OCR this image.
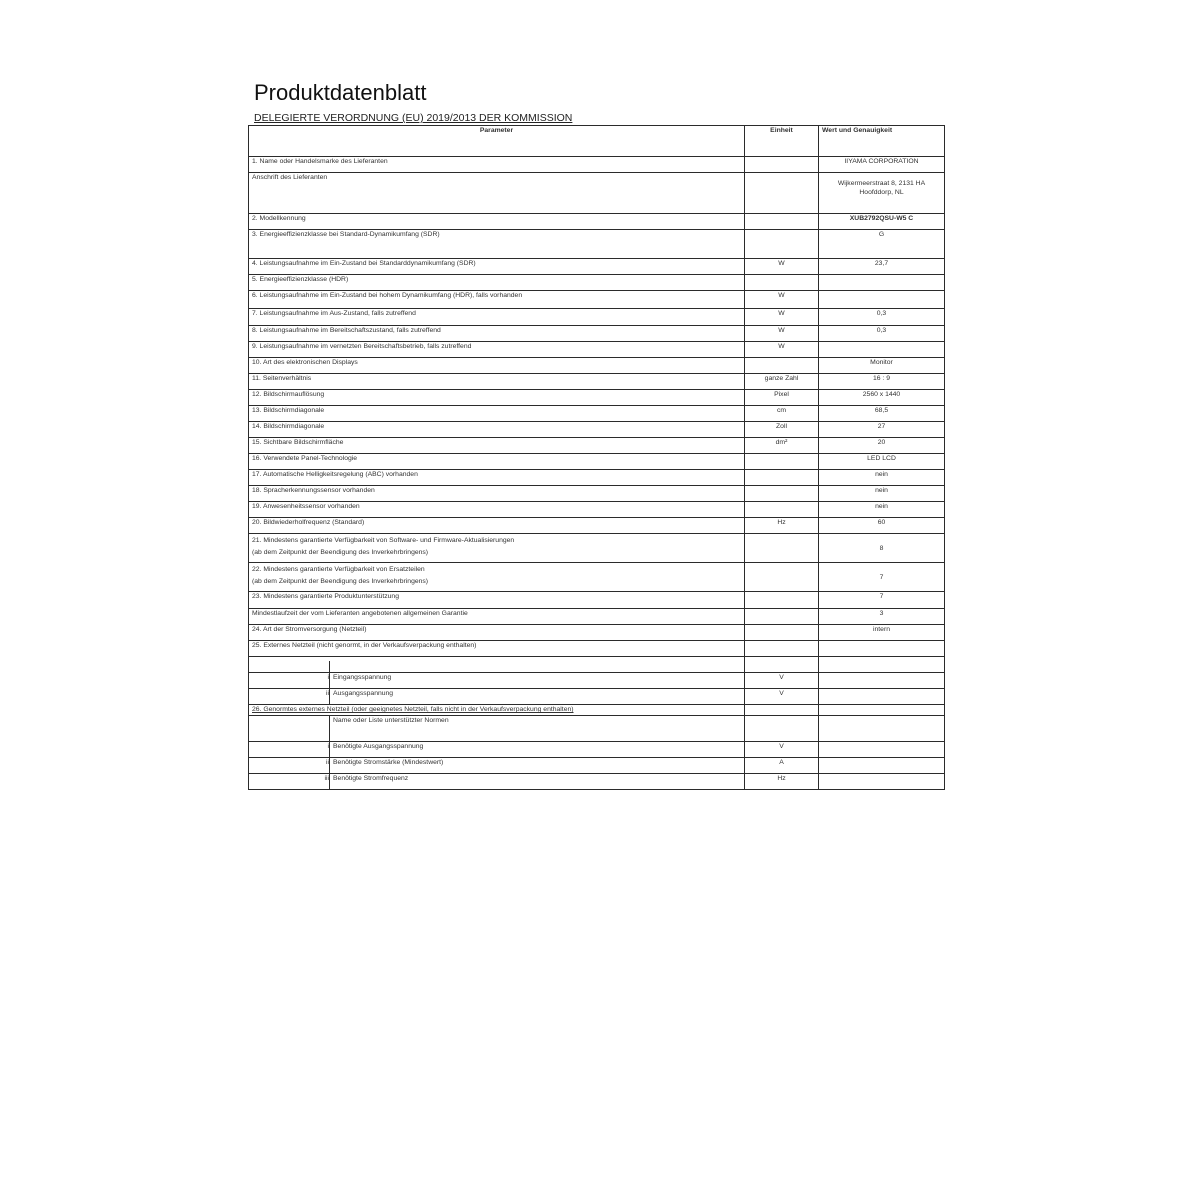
Produktdatenblatt
DELEGIERTE VERORDNUNG (EU) 2019/2013 DER KOMMISSION
Parameter	Einheit	Wert und Genauigkeit
1. Name oder Handelsmarke des Lieferanten		IIYAMA CORPORATION
Anschrift des Lieferanten		Wijkermeerstraat 8, 2131 HA Hoofddorp, NL
2. Modellkennung		XUB2792QSU-W5 C
3. Energieeffizienzklasse bei Standard-Dynamikumfang (SDR)		G
4. Leistungsaufnahme im Ein-Zustand bei Standarddynamikumfang (SDR)	W	23,7
5. Energieeffizienzklasse (HDR)		
6. Leistungsaufnahme im Ein-Zustand bei hohem Dynamikumfang (HDR), falls vorhanden	W	
7. Leistungsaufnahme im Aus-Zustand, falls zutreffend	W	0,3
8. Leistungsaufnahme im Bereitschaftszustand, falls zutreffend	W	0,3
9. Leistungsaufnahme im vernetzten Bereitschaftsbetrieb, falls zutreffend	W	
10. Art des elektronischen Displays		Monitor
11. Seitenverhältnis	ganze Zahl	16 : 9
12. Bildschirmauflösung	Pixel	2560 x 1440
13. Bildschirmdiagonale	cm	68,5
14. Bildschirmdiagonale	Zoll	27
15. Sichtbare Bildschirmfläche	dm²	20
16. Verwendete Panel-Technologie		LED LCD
17. Automatische Helligkeitsregelung (ABC) vorhanden		nein
18. Spracherkennungssensor vorhanden		nein
19. Anwesenheitssensor vorhanden		nein
20. Bildwiederholfrequenz (Standard)	Hz	60

21. Mindestens garantierte Verfügbarkeit von Software- und Firmware-Aktualisierungen
(ab dem Zeitpunkt der Beendigung des Inverkehrbringens)		8

22. Mindestens garantierte Verfügbarkeit von Ersatzteilen
(ab dem Zeitpunkt der Beendigung des Inverkehrbringens)		7
23. Mindestens garantierte Produktunterstützung		7
Mindestlaufzeit der vom Lieferanten angebotenen allgemeinen Garantie		3
24. Art der Stromversorgung (Netzteil)		intern
25. Externes Netzteil (nicht genormt, in der Verkaufsverpackung enthalten)		

i Eingangsspannung	V	

ii Ausgangsspannung	V	
26. Genormtes externes Netzteil (oder geeignetes Netzteil, falls nicht in der Verkaufsverpackung enthalten)		

Name oder Liste unterstützter Normen		

i Benötigte Ausgangsspannung	V	

ii Benötigte Stromstärke (Mindestwert)	A	

iii Benötigte Stromfrequenz	Hz	
